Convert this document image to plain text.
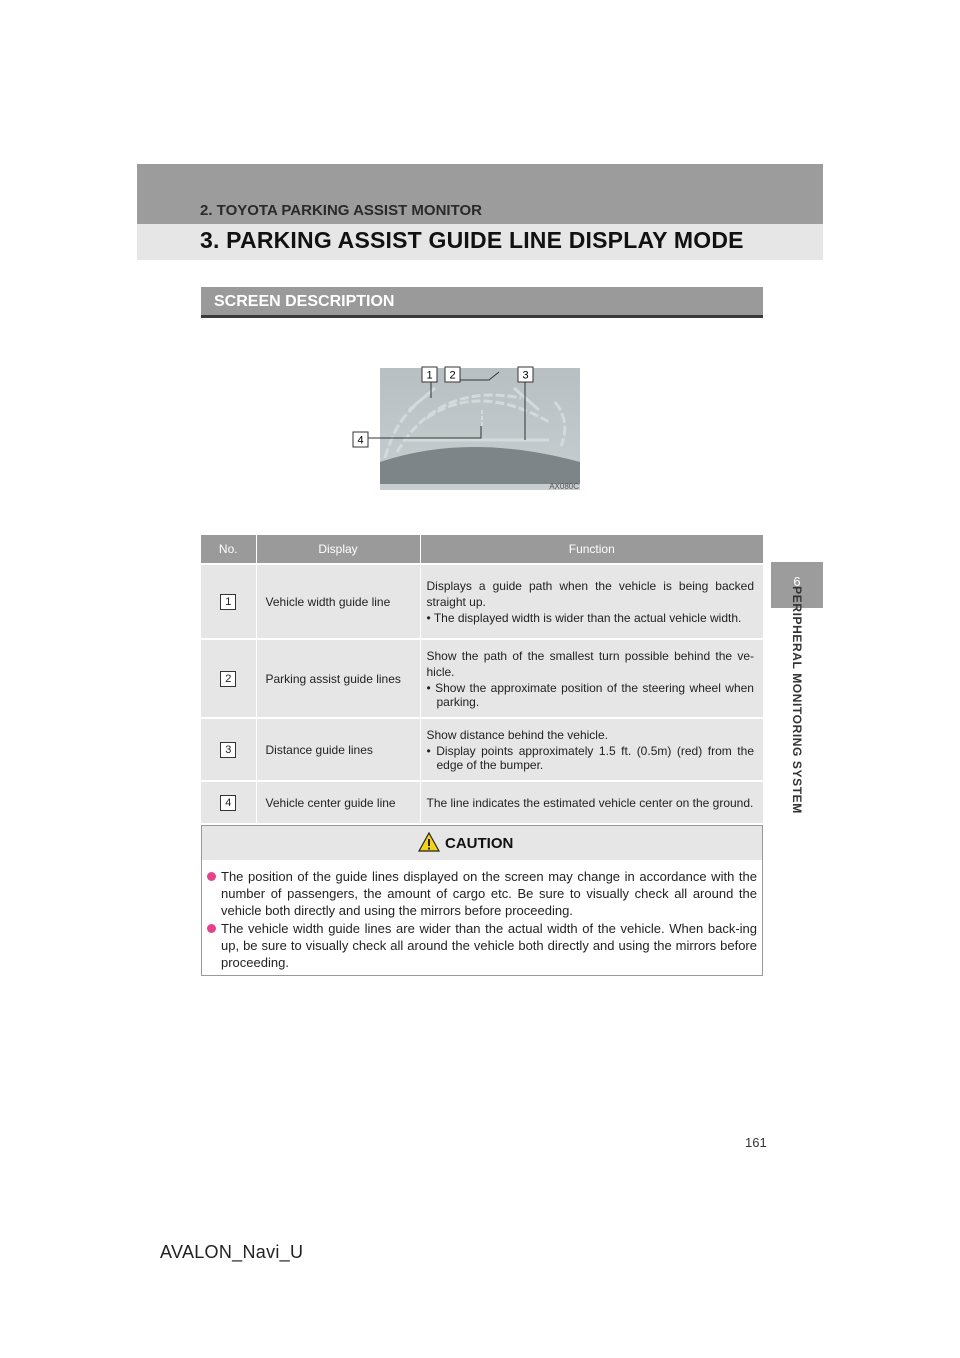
2. TOYOTA PARKING ASSIST MONITOR
3. PARKING ASSIST GUIDE LINE DISPLAY MODE
6
PERIPHERAL MONITORING SYSTEM
SCREEN DESCRIPTION
1 2	3
4
AX080C
No.	Display	Function
1	Vehicle width guide line	Displays a guide path when the vehicle is being backed straight up.
• The displayed width is wider than the actual vehicle width.

2	Parking assist guide lines	Show the path of the smallest turn possible behind the ve-hicle.
• Show the approximate position of the steering wheel when parking.

3	Distance guide lines	Show distance behind the vehicle.
• Display points approximately 1.5 ft. (0.5m) (red) from the edge of the bumper.

4	Vehicle center guide line	The line indicates the estimated vehicle center on the ground.
CAUTION
The position of the guide lines displayed on the screen may change in accordance with the number of passengers, the amount of cargo etc. Be sure to visually check all around the vehicle both directly and using the mirrors before proceeding.
The vehicle width guide lines are wider than the actual width of the vehicle. When back-ing up, be sure to visually check all around the vehicle both directly and using the mirrors before proceeding.
161
AVALON_Navi_U
